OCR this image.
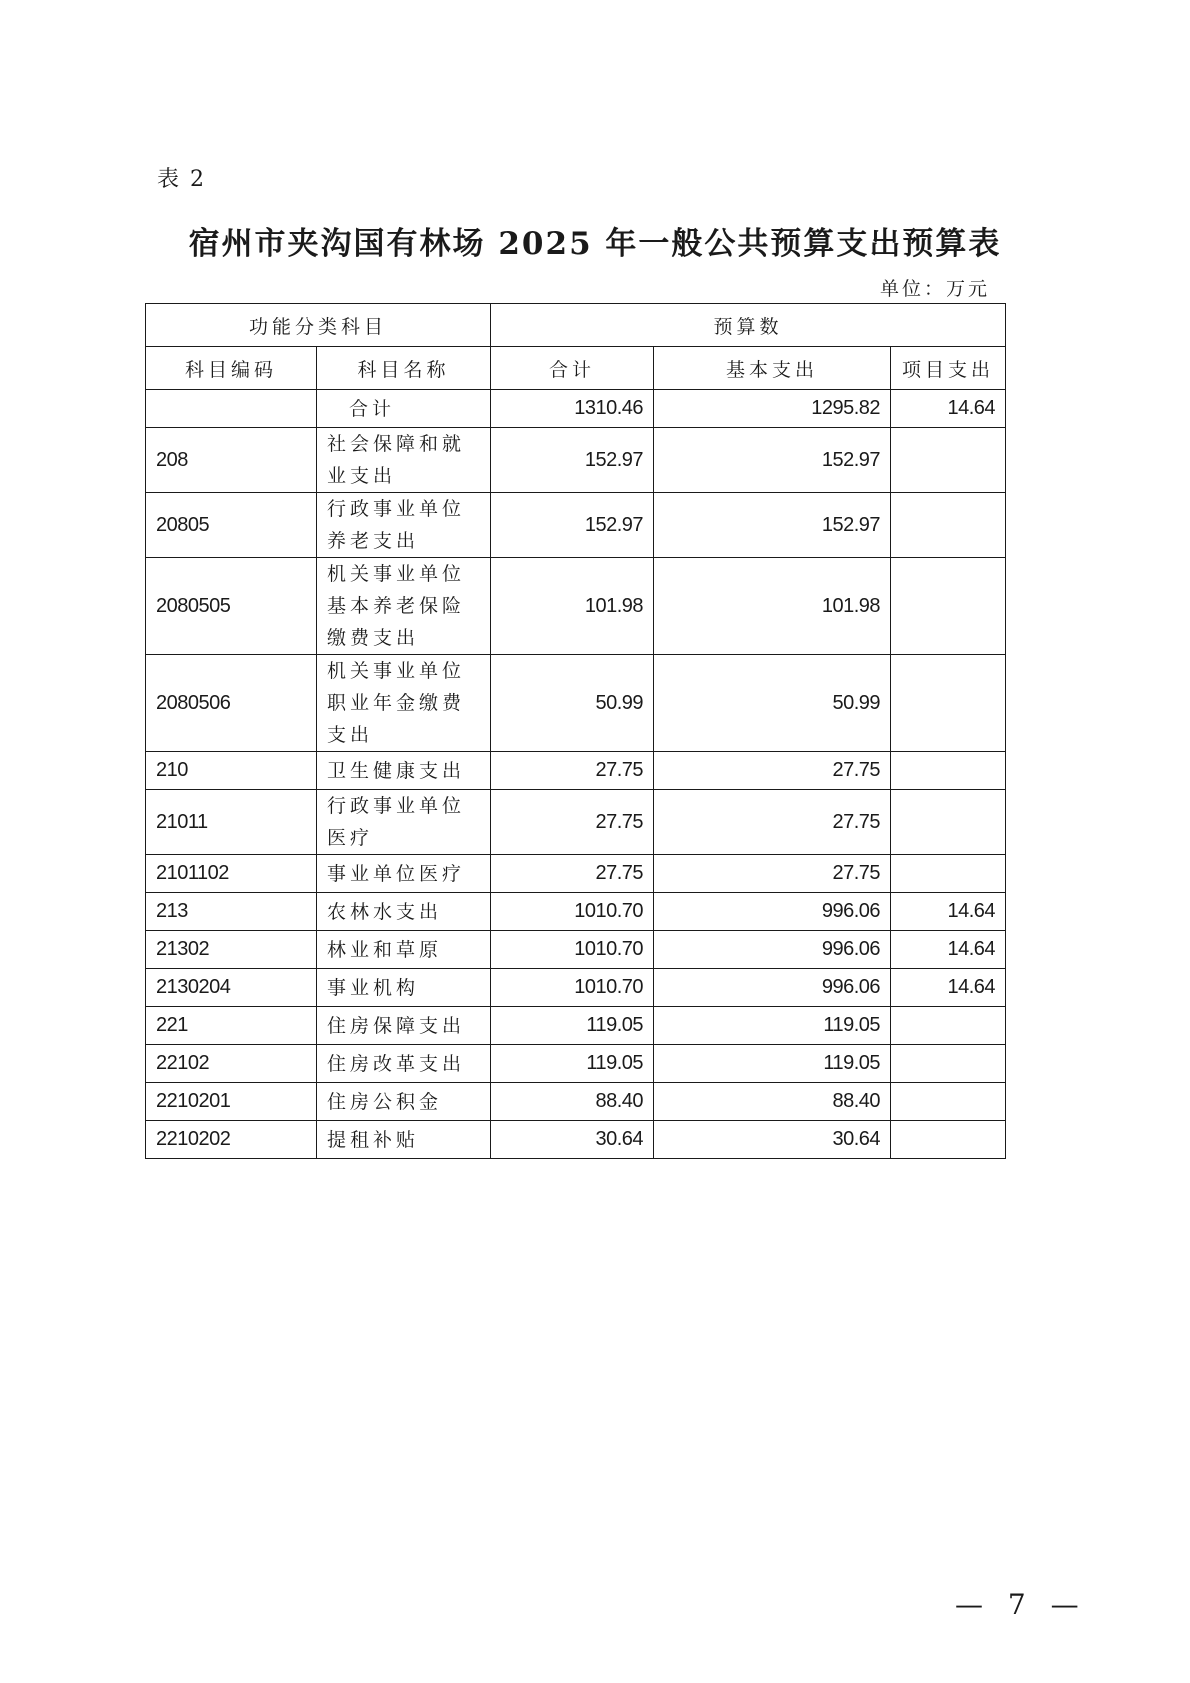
表 2
宿州市夹沟国有林场 2025 年一般公共预算支出预算表
单位：万元
功能分类科目		预算数		
科目编码	科目名称	合计	基本支出	项目支出
	合计	1310.46	1295.82	14.64
208	社会保障和就业支出	152.97	152.97	
20805	行政事业单位养老支出	152.97	152.97	
2080505	机关事业单位基本养老保险缴费支出	101.98	101.98	
2080506	机关事业单位职业年金缴费支出	50.99	50.99	
210	卫生健康支出	27.75	27.75	
21011	行政事业单位医疗	27.75	27.75	
2101102	事业单位医疗	27.75	27.75	
213	农林水支出	1010.70	996.06	14.64
21302	林业和草原	1010.70	996.06	14.64
2130204	事业机构	1010.70	996.06	14.64
221	住房保障支出	119.05	119.05	
22102	住房改革支出	119.05	119.05	
2210201	住房公积金	88.40	88.40	
2210202	提租补贴	30.64	30.64	
— 7 —
